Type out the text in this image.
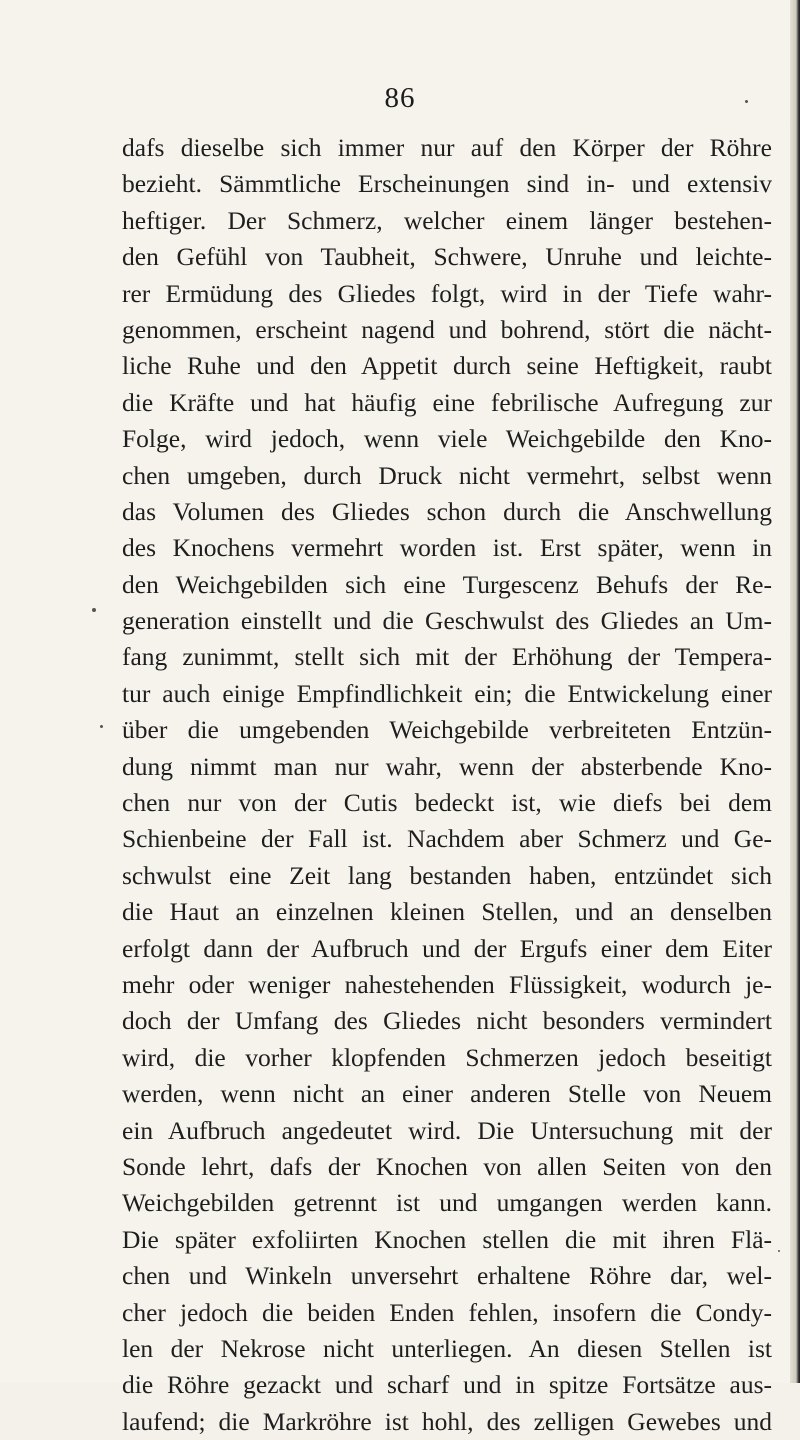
86
dafs dieselbe sich immer nur auf den Körper der Röhre
bezieht. Sämmtliche Erscheinungen sind in- und extensiv
heftiger. Der Schmerz, welcher einem länger bestehen-
den Gefühl von Taubheit, Schwere, Unruhe und leichte-
rer Ermüdung des Gliedes folgt, wird in der Tiefe wahr-
genommen, erscheint nagend und bohrend, stört die nächt-
liche Ruhe und den Appetit durch seine Heftigkeit, raubt
die Kräfte und hat häufig eine febrilische Aufregung zur
Folge, wird jedoch, wenn viele Weichgebilde den Kno-
chen umgeben, durch Druck nicht vermehrt, selbst wenn
das Volumen des Gliedes schon durch die Anschwellung
des Knochens vermehrt worden ist. Erst später, wenn in
den Weichgebilden sich eine Turgescenz Behufs der Re-
generation einstellt und die Geschwulst des Gliedes an Um-
fang zunimmt, stellt sich mit der Erhöhung der Tempera-
tur auch einige Empfindlichkeit ein; die Entwickelung einer
über die umgebenden Weichgebilde verbreiteten Entzün-
dung nimmt man nur wahr, wenn der absterbende Kno-
chen nur von der Cutis bedeckt ist, wie diefs bei dem
Schienbeine der Fall ist. Nachdem aber Schmerz und Ge-
schwulst eine Zeit lang bestanden haben, entzündet sich
die Haut an einzelnen kleinen Stellen, und an denselben
erfolgt dann der Aufbruch und der Ergufs einer dem Eiter
mehr oder weniger nahestehenden Flüssigkeit, wodurch je-
doch der Umfang des Gliedes nicht besonders vermindert
wird, die vorher klopfenden Schmerzen jedoch beseitigt
werden, wenn nicht an einer anderen Stelle von Neuem
ein Aufbruch angedeutet wird. Die Untersuchung mit der
Sonde lehrt, dafs der Knochen von allen Seiten von den
Weichgebilden getrennt ist und umgangen werden kann.
Die später exfoliirten Knochen stellen die mit ihren Flä-
chen und Winkeln unversehrt erhaltene Röhre dar, wel-
cher jedoch die beiden Enden fehlen, insofern die Condy-
len der Nekrose nicht unterliegen. An diesen Stellen ist
die Röhre gezackt und scharf und in spitze Fortsätze aus-
laufend; die Markröhre ist hohl, des zelligen Gewebes und
